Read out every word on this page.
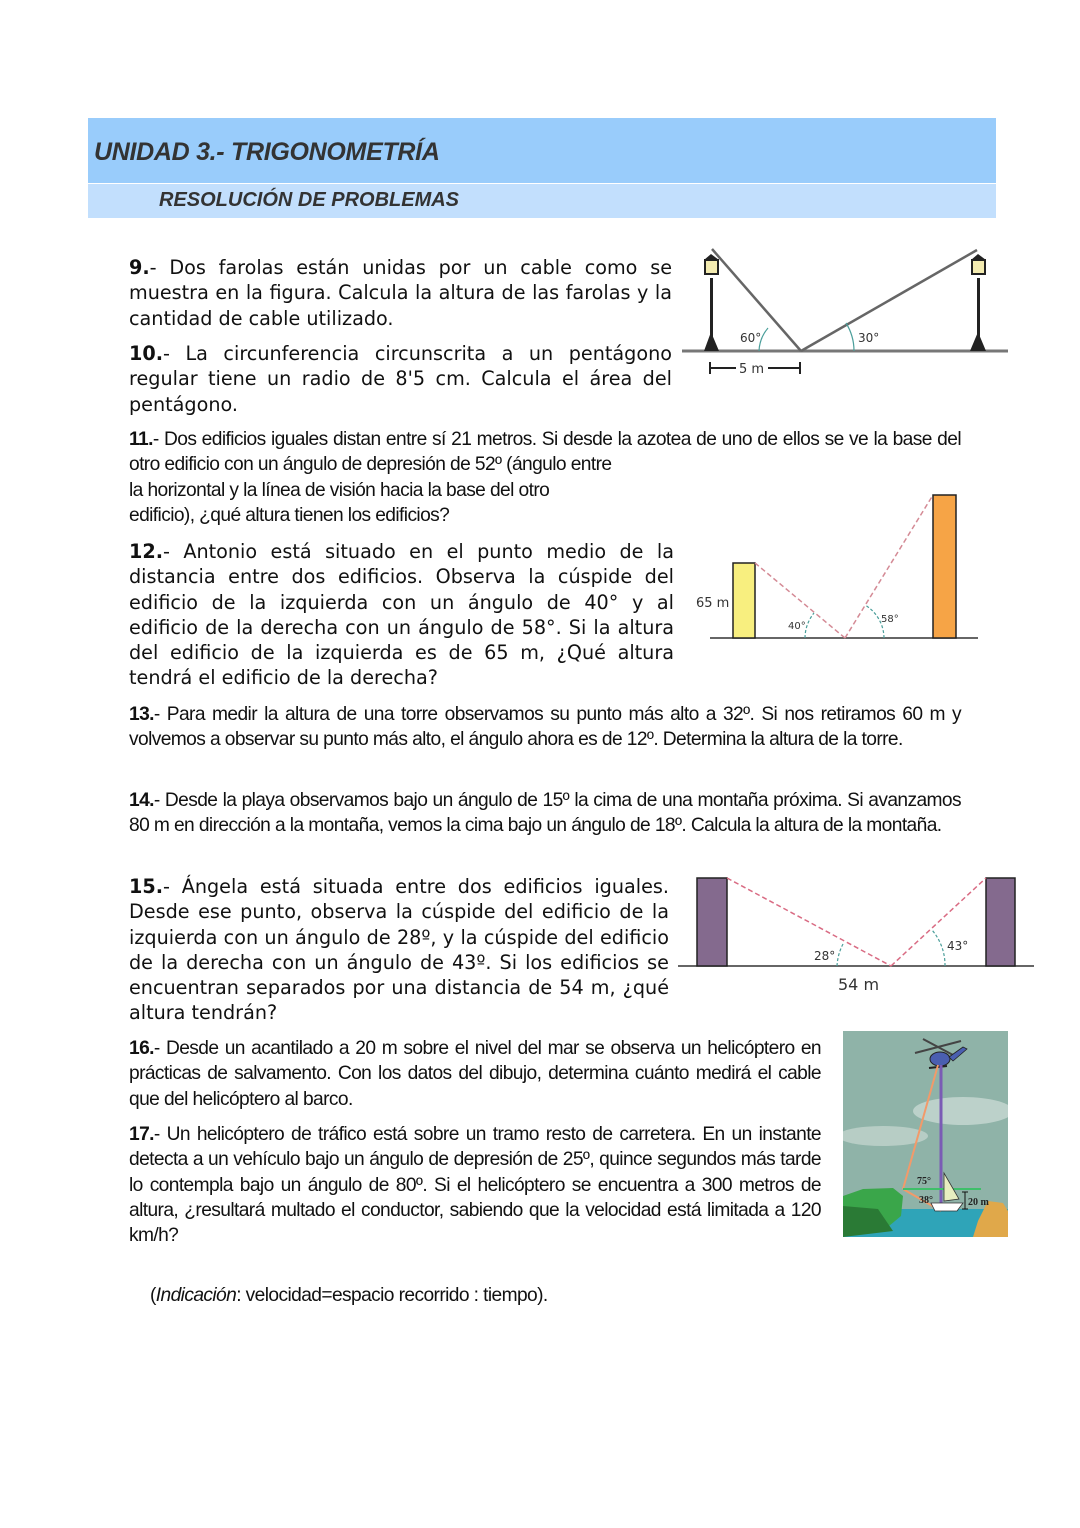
UNIDAD 3.- TRIGONOMETRÍA
RESOLUCIÓN DE PROBLEMAS
9.- Dos farolas están unidas por un cable como se muestra en la figura. Calcula la altura de las farolas y la cantidad de cable utilizado.
10.- La circunferencia circunscrita a un pentágono regular tiene un radio de 8'5 cm. Calcula el área del pentágono.
60°	30°
5 m
11.- Dos edificios iguales distan entre sí 21 metros. Si desde la azotea de uno de ellos se ve la base del otro edificio con un ángulo de depresión de 52º (ángulo entre
la horizontal y la línea de visión hacia la base del otro
edificio), ¿qué altura tienen los edificios?
12.- Antonio está situado en el punto medio de la distancia entre dos edificios. Observa la cúspide del edificio de la izquierda con un ángulo de 40° y al edificio de la derecha con un ángulo de 58°. Si la altura del edificio de la izquierda es de 65 m, ¿Qué altura tendrá el edificio de la derecha?
65 m
40°
58°
13.- Para medir la altura de una torre observamos su punto más alto a 32º. Si nos retiramos 60 m y volvemos a observar su punto más alto, el ángulo ahora es de 12º. Determina la altura de la torre.
14.- Desde la playa observamos bajo un ángulo de 15º la cima de una montaña próxima. Si avanzamos 80 m en dirección a la montaña, vemos la cima bajo un ángulo de 18º. Calcula la altura de la montaña.
15.- Ángela está situada entre dos edificios iguales. Desde ese punto, observa la cúspide del edificio de la izquierda con un ángulo de 28º, y la cúspide del edificio de la derecha con un ángulo de 43º. Si los edificios se encuentran separados por una distancia de 54 m, ¿qué altura tendrán?
28°
43°
54 m
16.- Desde un acantilado a 20 m sobre el nivel del mar se observa un helicóptero en prácticas de salvamento. Con los datos del dibujo, determina cuánto medirá el cable que del helicóptero al barco.
17.- Un helicóptero de tráfico está sobre un tramo resto de carretera. En un instante detecta a un vehículo bajo un ángulo de depresión de 25º, quince segundos más tarde lo contempla bajo un ángulo de 80º. Si el helicóptero se encuentra a 300 metros de altura, ¿resultará multado el conductor, sabiendo que la velocidad está limitada a 120 km/h?
(Indicación: velocidad=espacio recorrido : tiempo).
75°
38°	20 m
